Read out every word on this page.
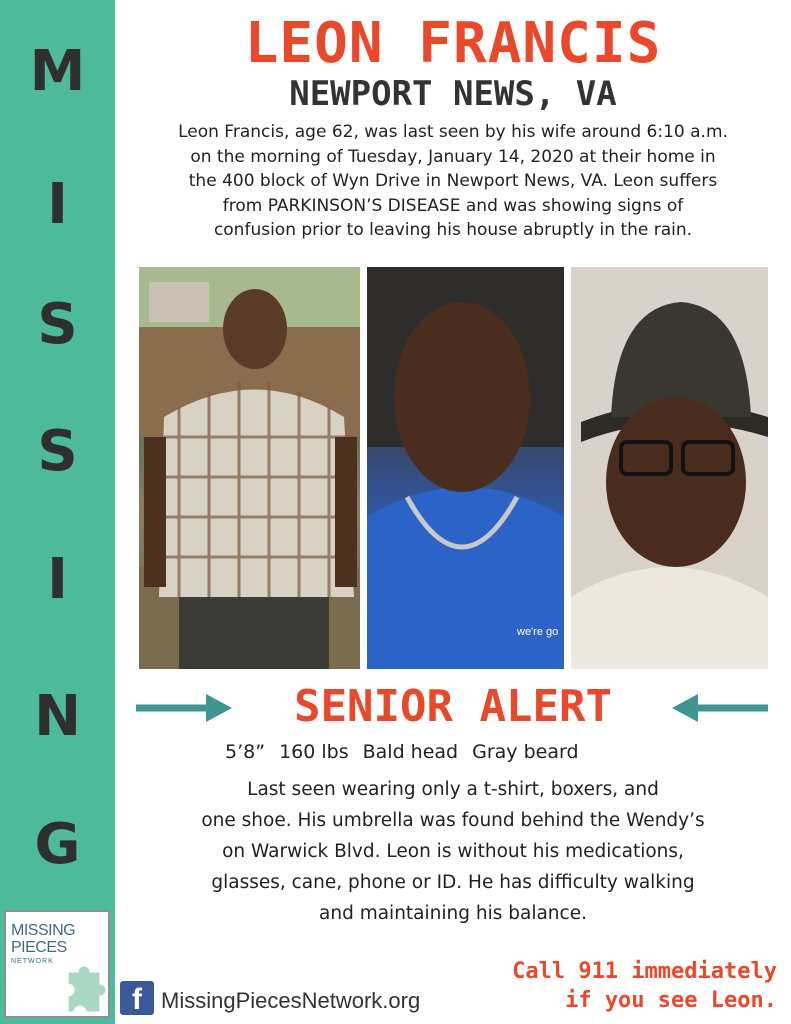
M
I
S
S
I
N
G
MISSING
PIECES
NETWORK
LEON FRANCIS
NEWPORT NEWS, VA
Leon Francis, age 62, was last seen by his wife around 6:10 a.m.
on the morning of Tuesday, January 14, 2020 at their home in
the 400 block of Wyn Drive in Newport News, VA. Leon suffers
from PARKINSON’S DISEASE and was showing signs of
confusion prior to leaving his house abruptly in the rain.
we're go
SENIOR ALERT
5’8” 160 lbs Bald head Gray beard
Last seen wearing only a t-shirt, boxers, and
one shoe. His umbrella was found behind the Wendy’s
on Warwick Blvd. Leon is without his medications,
glasses, cane, phone or ID. He has difficulty walking
and maintaining his balance.
Call 911 immediately
if you see Leon.
f MissingPiecesNetwork.org
